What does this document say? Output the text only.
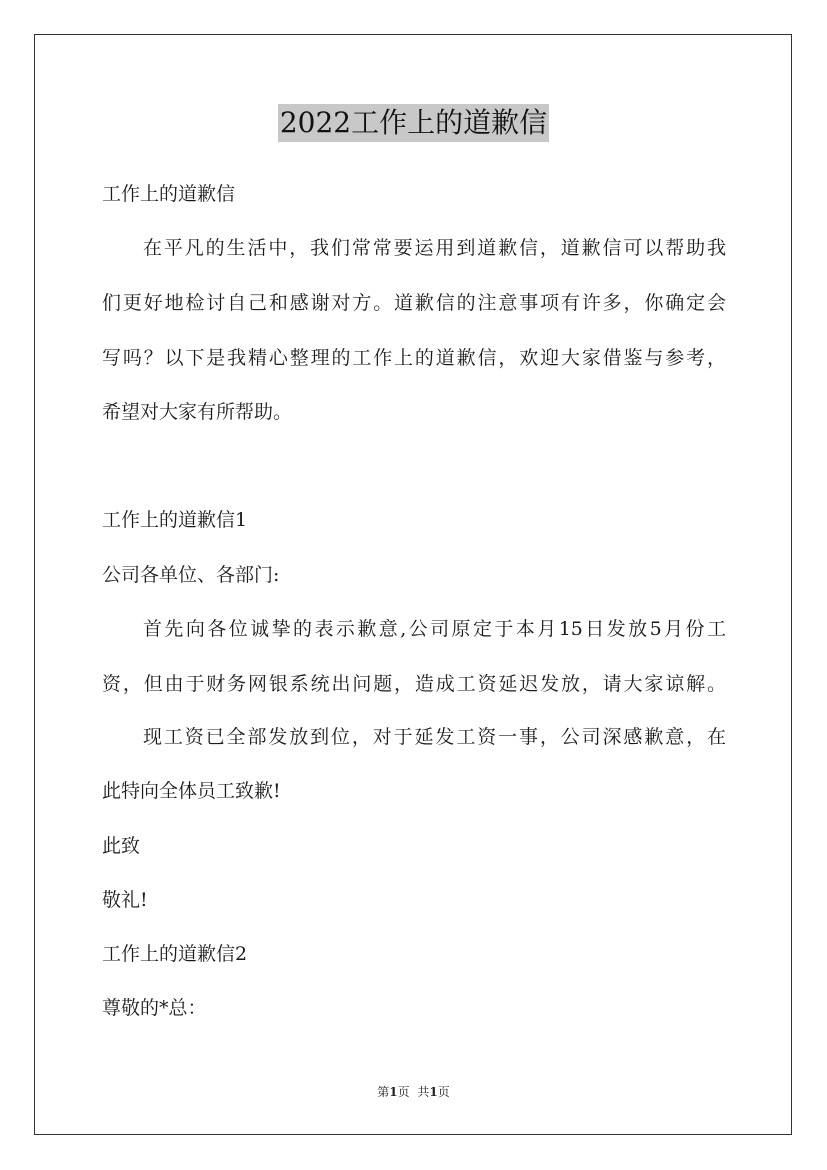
2022工作上的道歉信
工作上的道歉信
在平凡的生活中，我们常常要运用到道歉信，道歉信可以帮助我
们更好地检讨自己和感谢对方。道歉信的注意事项有许多，你确定会
写吗？以下是我精心整理的工作上的道歉信，欢迎大家借鉴与参考，
希望对大家有所帮助。
工作上的道歉信1
公司各单位、各部门:
首先向各位诚挚的表示歉意,公司原定于本月15日发放5月份工
资，但由于财务网银系统出问题，造成工资延迟发放，请大家谅解。
现工资已全部发放到位，对于延发工资一事，公司深感歉意，在
此特向全体员工致歉!
此致
敬礼!
工作上的道歉信2
尊敬的*总：
第1页 共1页
